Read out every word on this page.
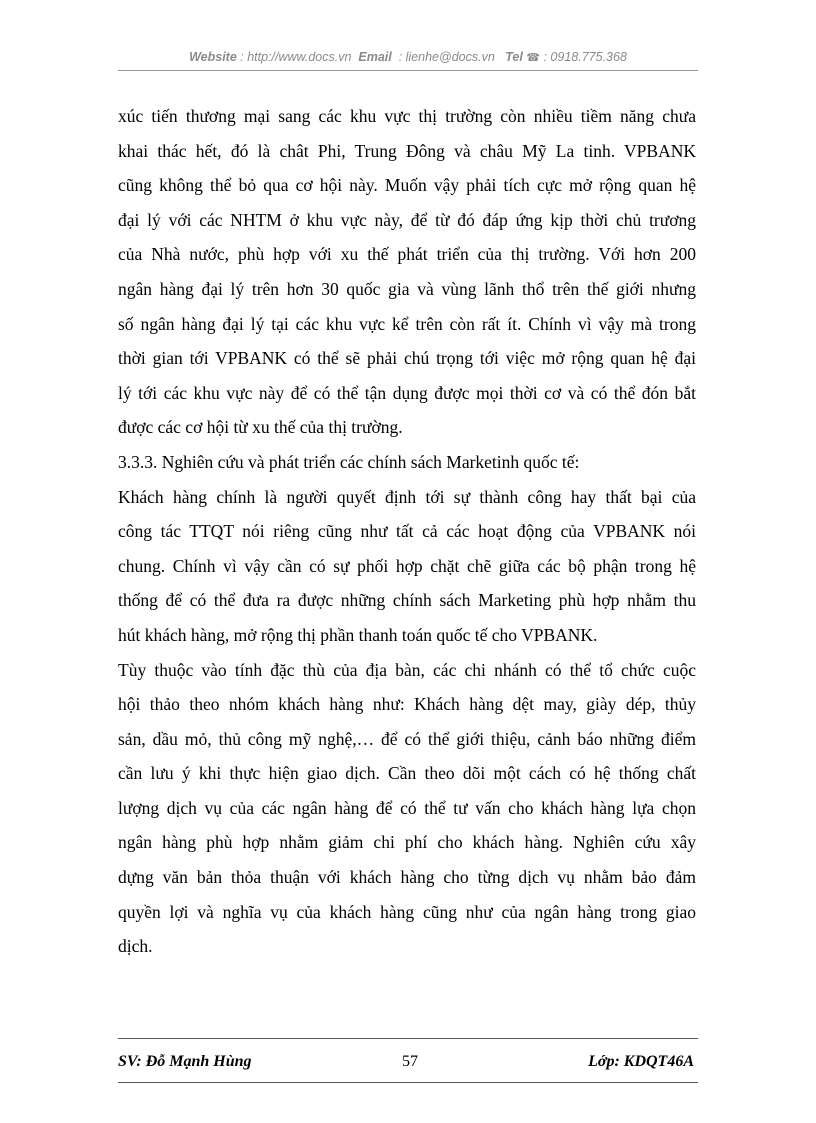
Website : http://www.docs.vn Email : lienhe@docs.vn Tel ☎ : 0918.775.368

xúc tiến thương mại sang các khu vực thị trường còn nhiều tiềm năng chưa

khai thác hết, đó là chât Phi, Trung Đông và châu Mỹ La tinh. VPBANK

cũng không thể bỏ qua cơ hội này. Muốn vậy phải tích cực mở rộng quan hệ

đại lý với các NHTM ở khu vực này, để từ đó đáp ứng kịp thời chủ trương

của Nhà nước, phù hợp với xu thế phát triển của thị trường. Với hơn 200

ngân hàng đại lý trên hơn 30 quốc gia và vùng lãnh thổ trên thế giới nhưng

số ngân hàng đại lý tại các khu vực kể trên còn rất ít. Chính vì vậy mà trong

thời gian tới VPBANK có thể sẽ phải chú trọng tới việc mở rộng quan hệ đại

lý tới các khu vực này để có thể tận dụng được mọi thời cơ và có thể đón bắt

được các cơ hội từ xu thế của thị trường.

3.3.3. Nghiên cứu và phát triển các chính sách Marketinh quốc tế:

Khách hàng chính là người quyết định tới sự thành công hay thất bại của

công tác TTQT nói riêng cũng như tất cả các hoạt động của VPBANK nói

chung. Chính vì vậy cần có sự phối hợp chặt chẽ giữa các bộ phận trong hệ

thống để có thể đưa ra được những chính sách Marketing phù hợp nhằm thu

hút khách hàng, mở rộng thị phần thanh toán quốc tế cho VPBANK.

Tùy thuộc vào tính đặc thù của địa bàn, các chi nhánh có thể tổ chức cuộc

hội thảo theo nhóm khách hàng như: Khách hàng dệt may, giày dép, thủy

sản, dầu mỏ, thủ công mỹ nghệ,… để có thể giới thiệu, cảnh báo những điểm

cần lưu ý khi thực hiện giao dịch. Cần theo dõi một cách có hệ thống chất

lượng dịch vụ của các ngân hàng để có thể tư vấn cho khách hàng lựa chọn

ngân hàng phù hợp nhằm giảm chi phí cho khách hàng. Nghiên cứu xây

dựng văn bản thỏa thuận với khách hàng cho từng dịch vụ nhằm bảo đảm

quyền lợi và nghĩa vụ của khách hàng cũng như của ngân hàng trong giao

dịch.

SV: Đỗ Mạnh Hùng	57	Lớp: KDQT46A
